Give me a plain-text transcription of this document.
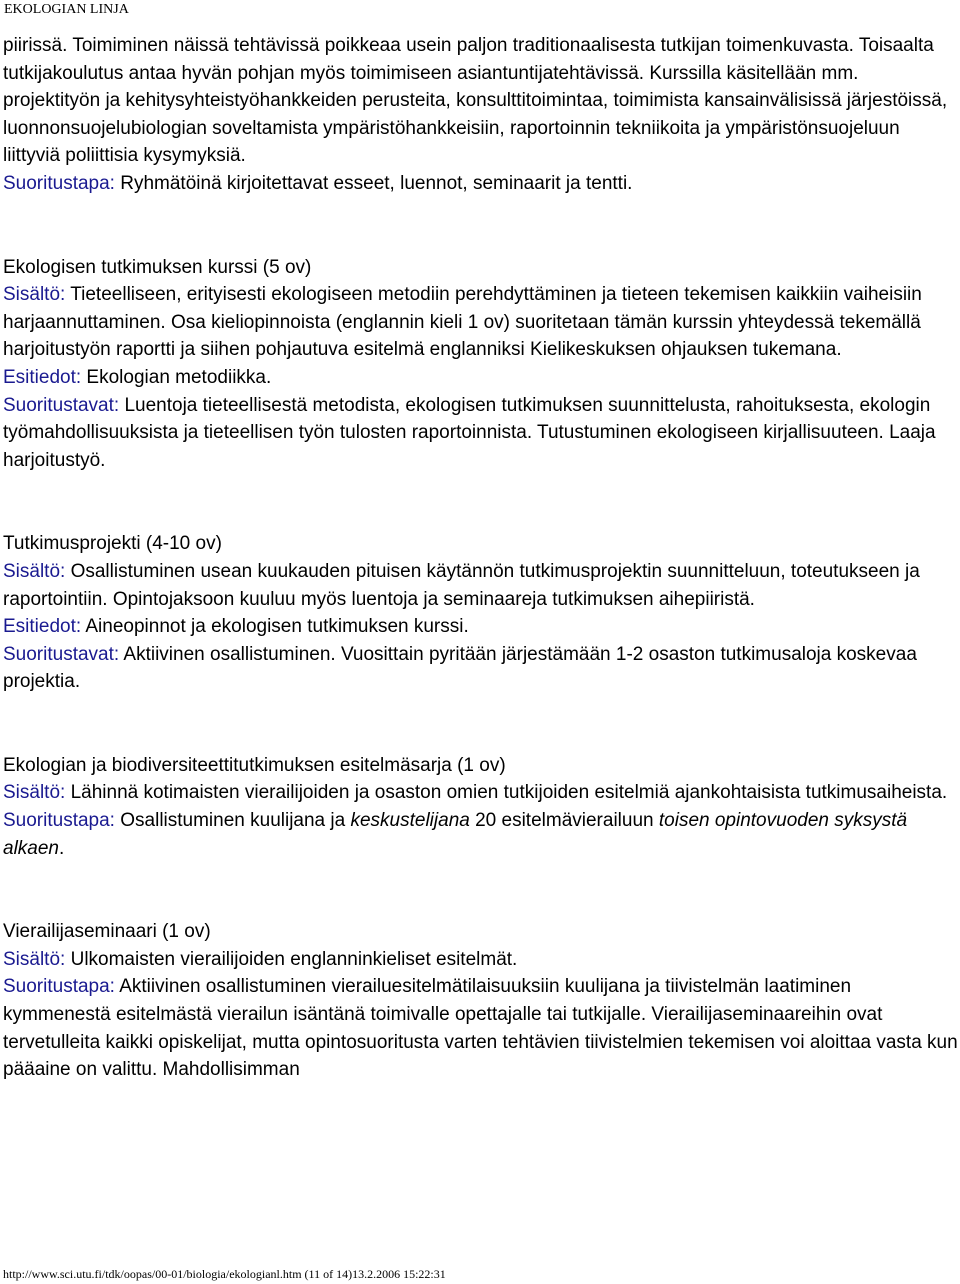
EKOLOGIAN LINJA

piirissä. Toimiminen näissä tehtävissä poikkeaa usein paljon traditionaalisesta tutkijan toimenkuvasta. Toisaalta tutkijakoulutus antaa hyvän pohjan myös toimimiseen asiantuntijatehtävissä. Kurssilla käsitellään mm. projektityön ja kehitysyhteistyöhankkeiden perusteita, konsulttitoimintaa, toimimista kansainvälisissä järjestöissä, luonnonsuojelubiologian soveltamista ympäristöhankkeisiin, raportoinnin tekniikoita ja ympäristönsuojeluun liittyviä poliittisia kysymyksiä.

Suoritustapa: Ryhmätöinä kirjoitettavat esseet, luennot, seminaarit ja tentti.

Ekologisen tutkimuksen kurssi (5 ov)

Sisältö: Tieteelliseen, erityisesti ekologiseen metodiin perehdyttäminen ja tieteen tekemisen kaikkiin vaiheisiin harjaannuttaminen. Osa kieliopinnoista (englannin kieli 1 ov) suoritetaan tämän kurssin yhteydessä tekemällä harjoitustyön raportti ja siihen pohjautuva esitelmä englanniksi Kielikeskuksen ohjauksen tukemana.

Esitiedot: Ekologian metodiikka.

Suoritustavat: Luentoja tieteellisestä metodista, ekologisen tutkimuksen suunnittelusta, rahoituksesta, ekologin työmahdollisuuksista ja tieteellisen työn tulosten raportoinnista. Tutustuminen ekologiseen kirjallisuuteen. Laaja harjoitustyö.

Tutkimusprojekti (4-10 ov)

Sisältö: Osallistuminen usean kuukauden pituisen käytännön tutkimusprojektin suunnitteluun, toteutukseen ja raportointiin. Opintojaksoon kuuluu myös luentoja ja seminaareja tutkimuksen aihepiiristä.

Esitiedot: Aineopinnot ja ekologisen tutkimuksen kurssi.

Suoritustavat: Aktiivinen osallistuminen. Vuosittain pyritään järjestämään 1-2 osaston tutkimusaloja koskevaa projektia.

Ekologian ja biodiversiteettitutkimuksen esitelmäsarja (1 ov)

Sisältö: Lähinnä kotimaisten vierailijoiden ja osaston omien tutkijoiden esitelmiä ajankohtaisista tutkimusaiheista.

Suoritustapa: Osallistuminen kuulijana ja keskustelijana 20 esitelmävierailuun toisen opintovuoden syksystä alkaen.

Vierailijaseminaari (1 ov)

Sisältö: Ulkomaisten vierailijoiden englanninkieliset esitelmät.

Suoritustapa: Aktiivinen osallistuminen vierailuesitelmätilaisuuksiin kuulijana ja tiivistelmän laatiminen kymmenestä esitelmästä vierailun isäntänä toimivalle opettajalle tai tutkijalle. Vierailijaseminaareihin ovat tervetulleita kaikki opiskelijat, mutta opintosuoritusta varten tehtävien tiivistelmien tekemisen voi aloittaa vasta kun pääaine on valittu. Mahdollisimman

http://www.sci.utu.fi/tdk/oopas/00-01/biologia/ekologianl.htm (11 of 14)13.2.2006 15:22:31
